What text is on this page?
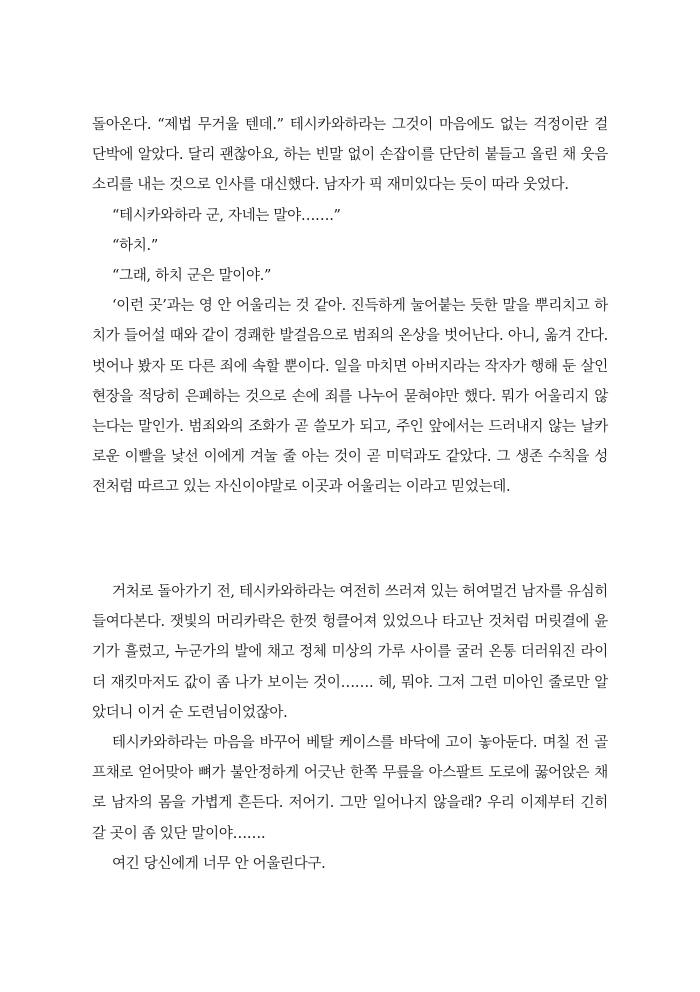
돌아온다. “제법 무거울 텐데.” 테시카와하라는 그것이 마음에도 없는 걱정이란 걸 단박에 알았다. 달리 괜찮아요, 하는 빈말 없이 손잡이를 단단히 붙들고 올린 채 웃음소리를 내는 것으로 인사를 대신했다. 남자가 픽 재미있다는 듯이 따라 웃었다.

“테시카와하라 군, 자네는 말야…….”

“하치.”

“그래, 하치 군은 말이야.”

‘이런 곳’과는 영 안 어울리는 것 같아. 진득하게 눌어붙는 듯한 말을 뿌리치고 하치가 들어설 때와 같이 경쾌한 발걸음으로 범죄의 온상을 벗어난다. 아니, 옮겨 간다. 벗어나 봤자 또 다른 죄에 속할 뿐이다. 일을 마치면 아버지라는 작자가 행해 둔 살인 현장을 적당히 은폐하는 것으로 손에 죄를 나누어 묻혀야만 했다. 뭐가 어울리지 않는다는 말인가. 범죄와의 조화가 곧 쓸모가 되고, 주인 앞에서는 드러내지 않는 날카로운 이빨을 낯선 이에게 겨눌 줄 아는 것이 곧 미덕과도 같았다. 그 생존 수칙을 성전처럼 따르고 있는 자신이야말로 이곳과 어울리는 이라고 믿었는데.

거처로 돌아가기 전, 테시카와하라는 여전히 쓰러져 있는 허여멀건 남자를 유심히 들여다본다. 잿빛의 머리카락은 한껏 헝클어져 있었으나 타고난 것처럼 머릿결에 윤기가 흘렀고, 누군가의 발에 채고 정체 미상의 가루 사이를 굴러 온통 더러워진 라이더 재킷마저도 값이 좀 나가 보이는 것이……. 헤, 뭐야. 그저 그런 미아인 줄로만 알았더니 이거 순 도련님이었잖아.

테시카와하라는 마음을 바꾸어 베탈 케이스를 바닥에 고이 놓아둔다. 며칠 전 골프채로 얻어맞아 뼈가 불안정하게 어긋난 한쪽 무릎을 아스팔트 도로에 꿇어앉은 채로 남자의 몸을 가볍게 흔든다. 저어기. 그만 일어나지 않을래? 우리 이제부터 긴히 갈 곳이 좀 있단 말이야…….

여긴 당신에게 너무 안 어울린다구.
